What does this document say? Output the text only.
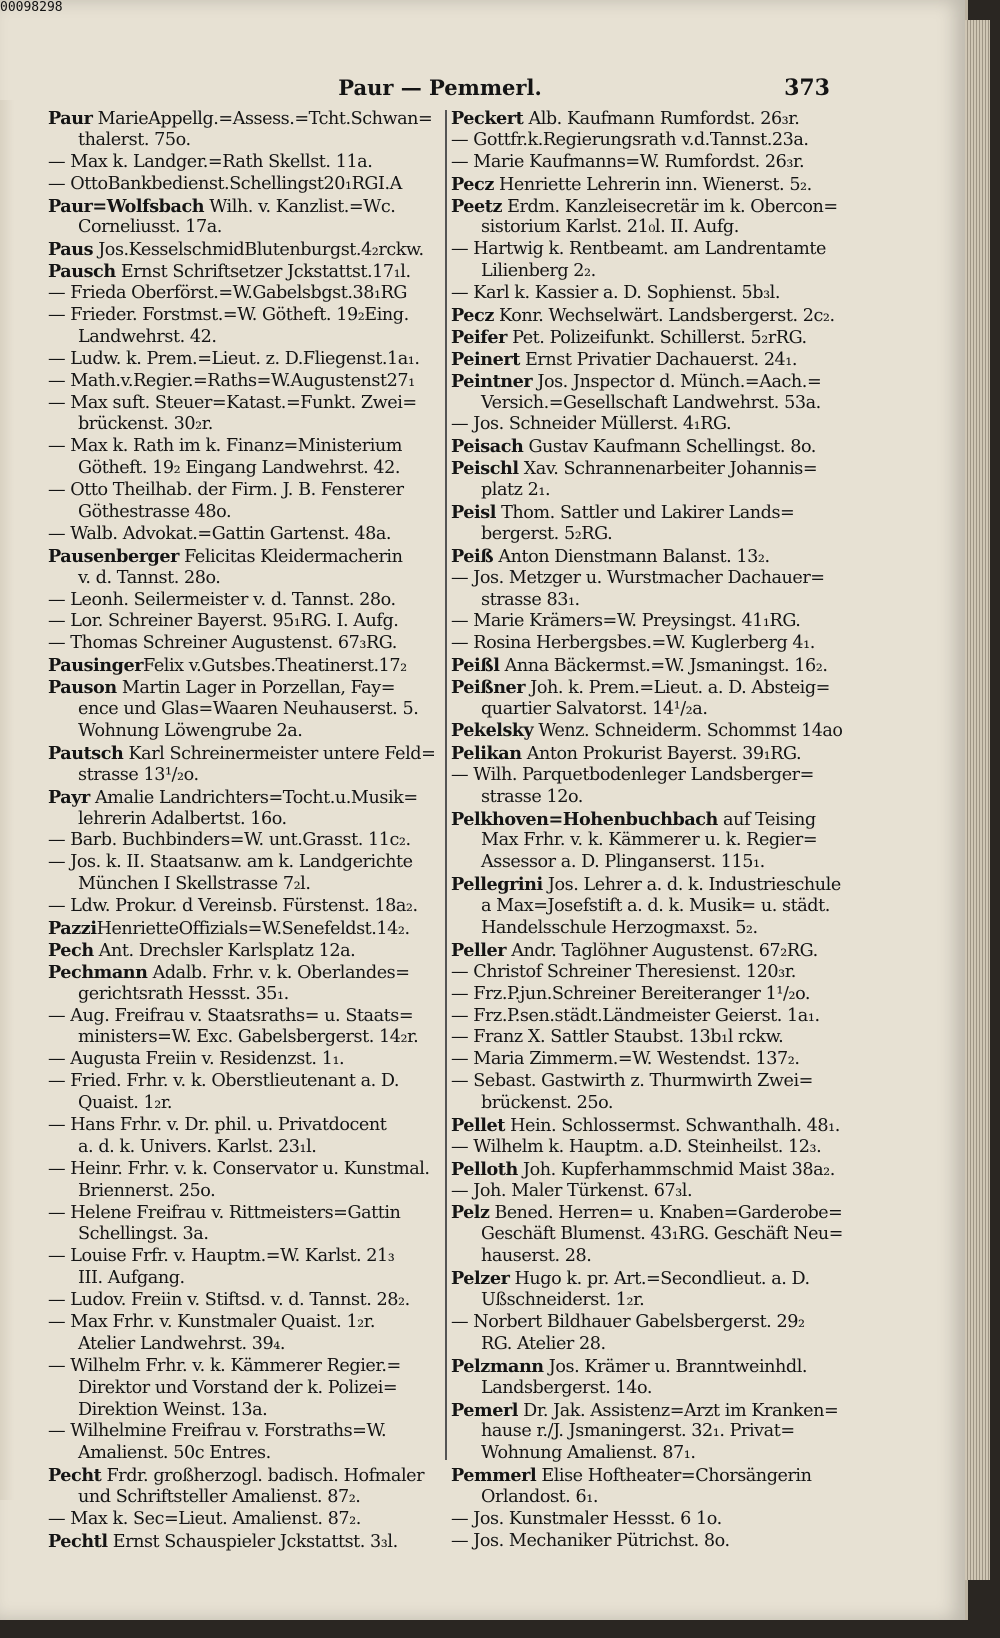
00098298
Paur — Pemmerl.	373
Paur MarieAppellg.=Assess.=Tcht.Schwan=
thalerst. 75o.
— Max k. Landger.=Rath Skellst. 11a.
— OttoBankbedienst.Schellingst20₁RGI.A
Paur=Wolfsbach Wilh. v. Kanzlist.=Wc.
Corneliusst. 17a.
Paus Jos.KesselschmidBlutenburgst.4₂rckw.
Pausch Ernst Schriftsetzer Jckstattst.17₁l.
— Frieda Oberförst.=W.Gabelsbgst.38₁RG
— Frieder. Forstmst.=W. Götheft. 19₂Eing.
Landwehrst. 42.
— Ludw. k. Prem.=Lieut. z. D.Fliegenst.1a₁.
— Math.v.Regier.=Raths=W.Augustenst27₁
— Max suft. Steuer=Katast.=Funkt. Zwei=
brückenst. 30₂r.
— Max k. Rath im k. Finanz=Ministerium
Götheft. 19₂ Eingang Landwehrst. 42.
— Otto Theilhab. der Firm. J. B. Fensterer
Göthestrasse 48o.
— Walb. Advokat.=Gattin Gartenst. 48a.
Pausenberger Felicitas Kleidermacherin
v. d. Tannst. 28o.
— Leonh. Seilermeister v. d. Tannst. 28o.
— Lor. Schreiner Bayerst. 95₁RG. I. Aufg.
— Thomas Schreiner Augustenst. 67₃RG.
PausingerFelix v.Gutsbes.Theatinerst.17₂
Pauson Martin Lager in Porzellan, Fay=
ence und Glas=Waaren Neuhauserst. 5.
Wohnung Löwengrube 2a.
Pautsch Karl Schreinermeister untere Feld=
strasse 13¹/₂o.
Payr Amalie Landrichters=Tocht.u.Musik=
lehrerin Adalbertst. 16o.
— Barb. Buchbinders=W. unt.Grasst. 11c₂.
— Jos. k. II. Staatsanw. am k. Landgerichte
München I Skellstrasse 7₂l.
— Ldw. Prokur. d Vereinsb. Fürstenst. 18a₂.
PazziHenrietteOffizials=W.Senefeldst.14₂.
Pech Ant. Drechsler Karlsplatz 12a.
Pechmann Adalb. Frhr. v. k. Oberlandes=
gerichtsrath Hessst. 35₁.
— Aug. Freifrau v. Staatsraths= u. Staats=
ministers=W. Exc. Gabelsbergerst. 14₂r.
— Augusta Freiin v. Residenzst. 1₁.
— Fried. Frhr. v. k. Oberstlieutenant a. D.
Quaist. 1₂r.
— Hans Frhr. v. Dr. phil. u. Privatdocent
a. d. k. Univers. Karlst. 23₁l.
— Heinr. Frhr. v. k. Conservator u. Kunstmal.
Briennerst. 25o.
— Helene Freifrau v. Rittmeisters=Gattin
Schellingst. 3a.
— Louise Frfr. v. Hauptm.=W. Karlst. 21₃
III. Aufgang.
— Ludov. Freiin v. Stiftsd. v. d. Tannst. 28₂.
— Max Frhr. v. Kunstmaler Quaist. 1₂r.
Atelier Landwehrst. 39₄.
— Wilhelm Frhr. v. k. Kämmerer Regier.=
Direktor und Vorstand der k. Polizei=
Direktion Weinst. 13a.
— Wilhelmine Freifrau v. Forstraths=W.
Amalienst. 50c Entres.
Pecht Frdr. großherzogl. badisch. Hofmaler
und Schriftsteller Amalienst. 87₂.
— Max k. Sec=Lieut. Amalienst. 87₂.
Pechtl Ernst Schauspieler Jckstattst. 3₃l.
Peckert Alb. Kaufmann Rumfordst. 26₃r.
— Gottfr.k.Regierungsrath v.d.Tannst.23a.
— Marie Kaufmanns=W. Rumfordst. 26₃r.
Pecz Henriette Lehrerin inn. Wienerst. 5₂.
Peetz Erdm. Kanzleisecretär im k. Obercon=
sistorium Karlst. 21₀l. II. Aufg.
— Hartwig k. Rentbeamt. am Landrentamte
Lilienberg 2₂.
— Karl k. Kassier a. D. Sophienst. 5b₃l.
Pecz Konr. Wechselwärt. Landsbergerst. 2c₂.
Peifer Pet. Polizeifunkt. Schillerst. 5₂rRG.
Peinert Ernst Privatier Dachauerst. 24₁.
Peintner Jos. Jnspector d. Münch.=Aach.=
Versich.=Gesellschaft Landwehrst. 53a.
— Jos. Schneider Müllerst. 4₁RG.
Peisach Gustav Kaufmann Schellingst. 8o.
Peischl Xav. Schrannenarbeiter Johannis=
platz 2₁.
Peisl Thom. Sattler und Lakirer Lands=
bergerst. 5₂RG.
Peiß Anton Dienstmann Balanst. 13₂.
— Jos. Metzger u. Wurstmacher Dachauer=
strasse 83₁.
— Marie Krämers=W. Preysingst. 41₁RG.
— Rosina Herbergsbes.=W. Kuglerberg 4₁.
Peißl Anna Bäckermst.=W. Jsmaningst. 16₂.
Peißner Joh. k. Prem.=Lieut. a. D. Absteig=
quartier Salvatorst. 14¹/₂a.
Pekelsky Wenz. Schneiderm. Schommst 14ao
Pelikan Anton Prokurist Bayerst. 39₁RG.
— Wilh. Parquetbodenleger Landsberger=
strasse 12o.
Pelkhoven=Hohenbuchbach auf Teising
Max Frhr. v. k. Kämmerer u. k. Regier=
Assessor a. D. Plinganserst. 115₁.
Pellegrini Jos. Lehrer a. d. k. Industrieschule
a Max=Josefstift a. d. k. Musik= u. städt.
Handelsschule Herzogmaxst. 5₂.
Peller Andr. Taglöhner Augustenst. 67₂RG.
— Christof Schreiner Theresienst. 120₃r.
— Frz.P.jun.Schreiner Bereiteranger 1¹/₂o.
— Frz.P.sen.städt.Ländmeister Geierst. 1a₁.
— Franz X. Sattler Staubst. 13b₁l rckw.
— Maria Zimmerm.=W. Westendst. 137₂.
— Sebast. Gastwirth z. Thurmwirth Zwei=
brückenst. 25o.
Pellet Hein. Schlossermst. Schwanthalh. 48₁.
— Wilhelm k. Hauptm. a.D. Steinheilst. 12₃.
Pelloth Joh. Kupferhammschmid Maist 38a₂.
— Joh. Maler Türkenst. 67₃l.
Pelz Bened. Herren= u. Knaben=Garderobe=
Geschäft Blumenst. 43₁RG. Geschäft Neu=
hauserst. 28.
Pelzer Hugo k. pr. Art.=Secondlieut. a. D.
Ußschneiderst. 1₂r.
— Norbert Bildhauer Gabelsbergerst. 29₂
RG. Atelier 28.
Pelzmann Jos. Krämer u. Branntweinhdl.
Landsbergerst. 14o.
Pemerl Dr. Jak. Assistenz=Arzt im Kranken=
hause r./J. Jsmaningerst. 32₁. Privat=
Wohnung Amalienst. 87₁.
Pemmerl Elise Hoftheater=Chorsängerin
Orlandost. 6₁.
— Jos. Kunstmaler Hessst. 6 1o.
— Jos. Mechaniker Pütrichst. 8o.
